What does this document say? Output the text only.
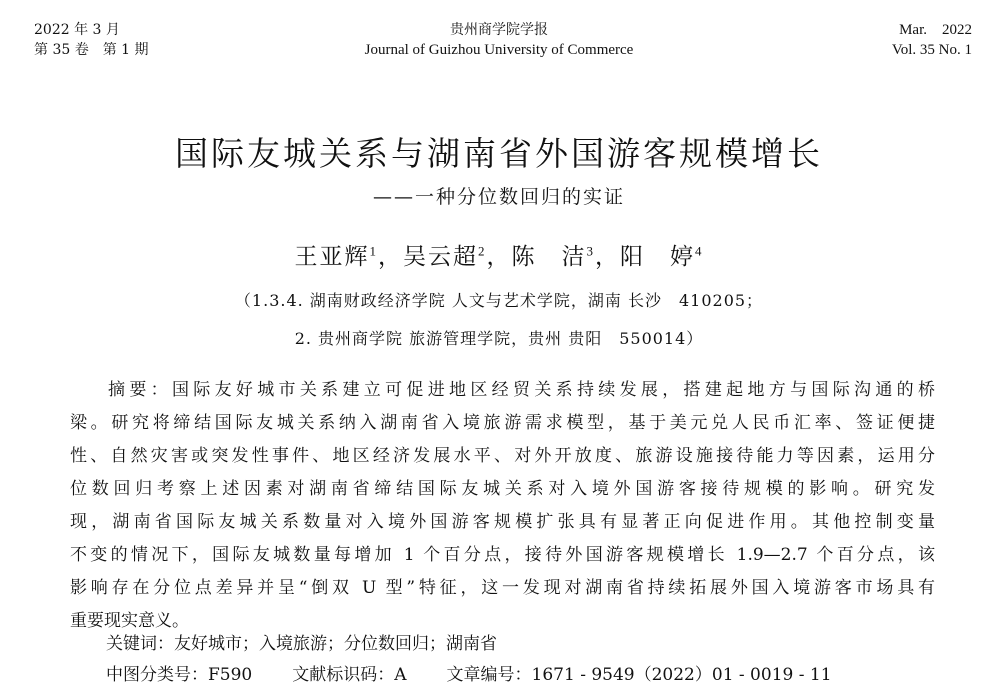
2022 年 3 月
第 35 卷　第 1 期
贵州商学院学报
Journal of Guizhou University of Commerce
Mar.　2022
Vol. 35 No. 1
国际友城关系与湖南省外国游客规模增长
——一种分位数回归的实证
王亚辉$^1$，吴云超$^2$，陈　洁$^3$，阳　婷$^4$
（1.3.4. 湖南财政经济学院 人文与艺术学院，湖南 长沙　410205；
2. 贵州商学院 旅游管理学院，贵州 贵阳　550014）
摘要：国际友好城市关系建立可促进地区经贸关系持续发展，搭建起地方与国际沟通的桥
梁。研究将缔结国际友城关系纳入湖南省入境旅游需求模型，基于美元兑人民币汇率、签证便捷
性、自然灾害或突发性事件、地区经济发展水平、对外开放度、旅游设施接待能力等因素，运用分
位数回归考察上述因素对湖南省缔结国际友城关系对入境外国游客接待规模的影响。研究发
现，湖南省国际友城关系数量对入境外国游客规模扩张具有显著正向促进作用。其他控制变量
不变的情况下，国际友城数量每增加 1 个百分点，接待外国游客规模增长 1.9—2.7 个百分点，该
影响存在分位点差异并呈“倒双 U 型”特征，这一发现对湖南省持续拓展外国入境游客市场具有
重要现实意义。
关键词：友好城市；入境旅游；分位数回归；湖南省
中图分类号：F590 文献标识码：A 文章编号：1671 - 9549（2022）01 - 0019 - 11
